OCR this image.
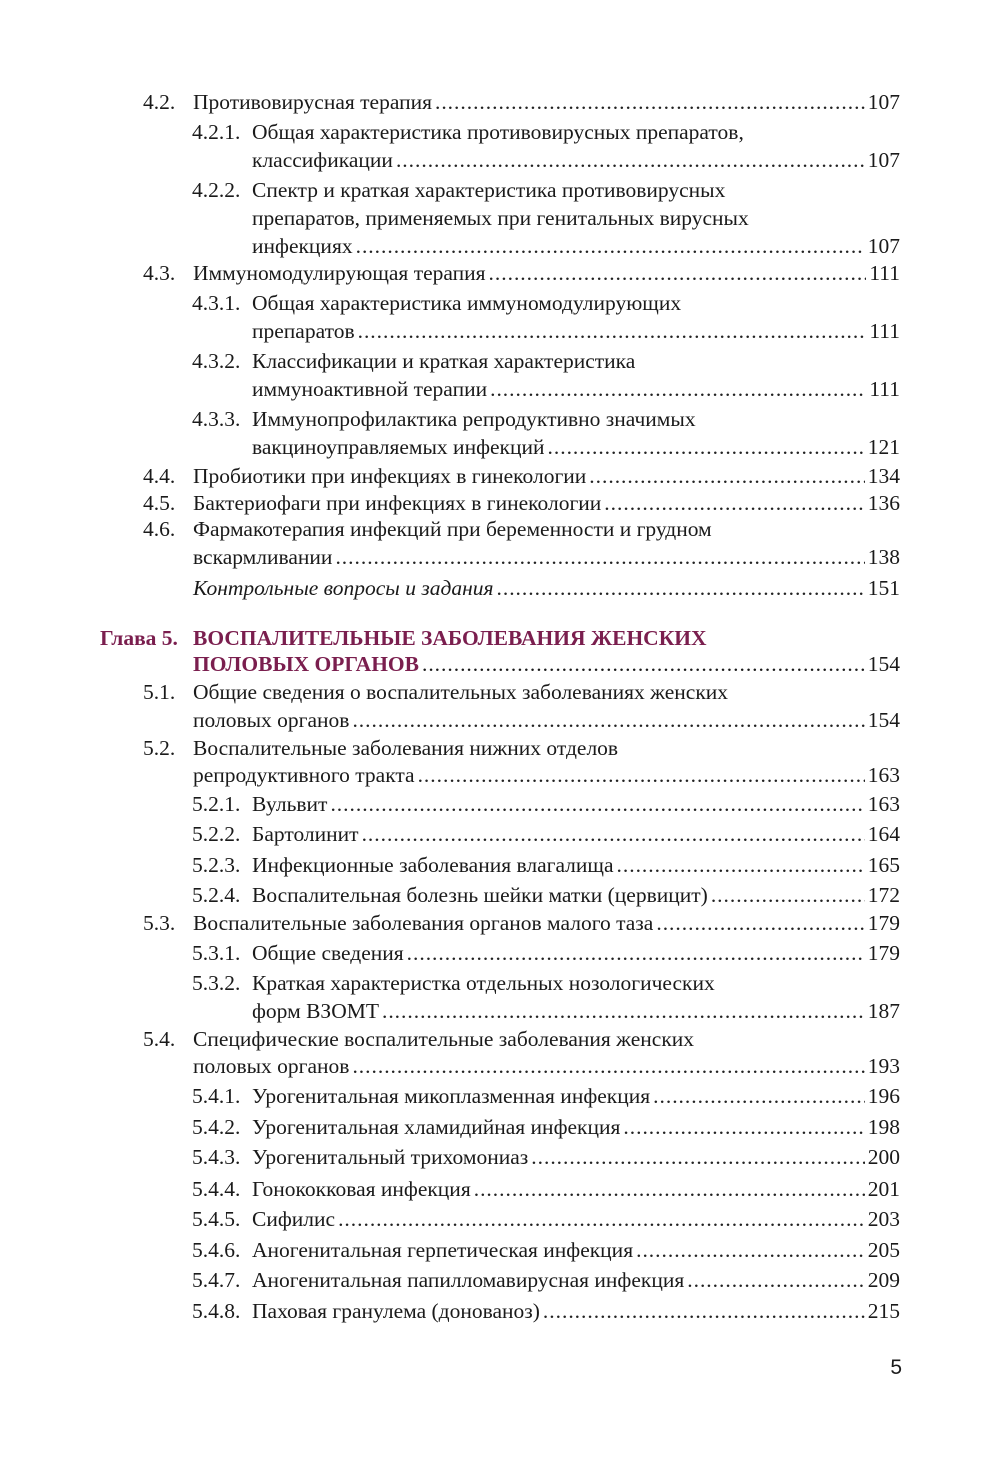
4.2. Противовирусная терапия . . .	107
4.2.1. Общая характеристика противовирусных препаратов,
классификации . . .	107
4.2.2. Спектр и краткая характеристика противовирусных
препаратов, применяемых при генитальных вирусных
инфекциях . . .	107
4.3. Иммуномодулирующая терапия . . .	111
4.3.1. Общая характеристика иммуномодулирующих
препаратов . . .	111
4.3.2. Классификации и краткая характеристика
иммуноактивной терапии . . .	111
4.3.3. Иммунопрофилактика репродуктивно значимых
вакциноуправляемых инфекций . . .	121
4.4. Пробиотики при инфекциях в гинекологии . . .	134
4.5. Бактериофаги при инфекциях в гинекологии . . .	136
4.6. Фармакотерапия инфекций при беременности и грудном
вскармливании . . .	138
Контрольные вопросы и задания . . .	151
Глава 5. ВОСПАЛИТЕЛЬНЫЕ ЗАБОЛЕВАНИЯ ЖЕНСКИХ
ПОЛОВЫХ ОРГАНОВ . . .	154
5.1. Общие сведения о воспалительных заболеваниях женских
половых органов . . .	154
5.2. Воспалительные заболевания нижних отделов
репродуктивного тракта . . .	163
5.2.1. Вульвит . . .	163
5.2.2. Бартолинит . . .	164
5.2.3. Инфекционные заболевания влагалища . . .	165
5.2.4. Воспалительная болезнь шейки матки (цервицит) . . .	172
5.3. Воспалительные заболевания органов малого таза . . .	179
5.3.1. Общие сведения . . .	179
5.3.2. Краткая характеристка отдельных нозологических
форм ВЗОМТ . . .	187
5.4. Специфические воспалительные заболевания женских
половых органов . . .	193
5.4.1. Урогенитальная микоплазменная инфекция . . .	196
5.4.2. Урогенитальная хламидийная инфекция . . .	198
5.4.3. Урогенитальный трихомониаз . . .	200
5.4.4. Гонококковая инфекция . . .	201
5.4.5. Сифилис . . .	203
5.4.6. Аногенитальная герпетическая инфекция . . .	205
5.4.7. Аногенитальная папилломавирусная инфекция . . .	209
5.4.8. Паховая гранулема (донованоз) . . .	215
5
